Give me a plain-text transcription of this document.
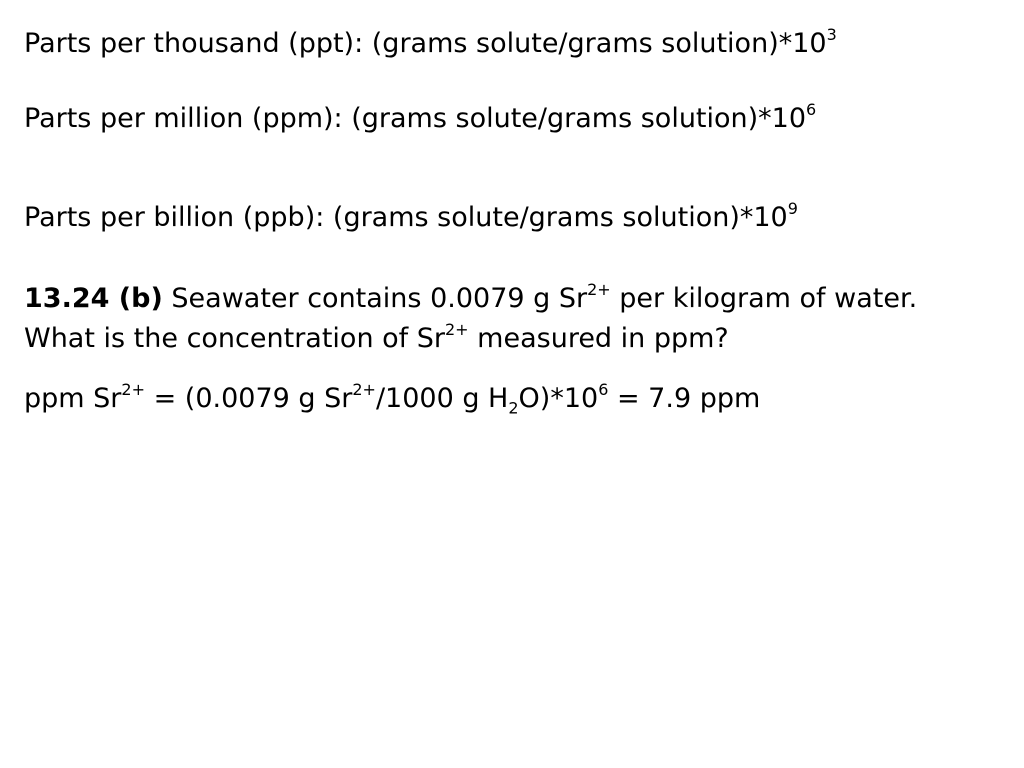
Parts per thousand (ppt): (grams solute/grams $solution)*10^3$
Parts per million (ppm): (grams solute/grams $solution)*10^6$
Parts per billion (ppb): (grams solute/grams $solution)*10^9$
13.24 (b) Seawater contains 0.0079 g $Sr^{2+}$ per kilogram of water.
What is the concentration of $Sr^{2+}$ measured in ppm?
ppm $Sr^{2+} = (0.0079$ g $Sr^{2+}/1000$ g $H_2O)*10^6 = 7.9$ ppm
